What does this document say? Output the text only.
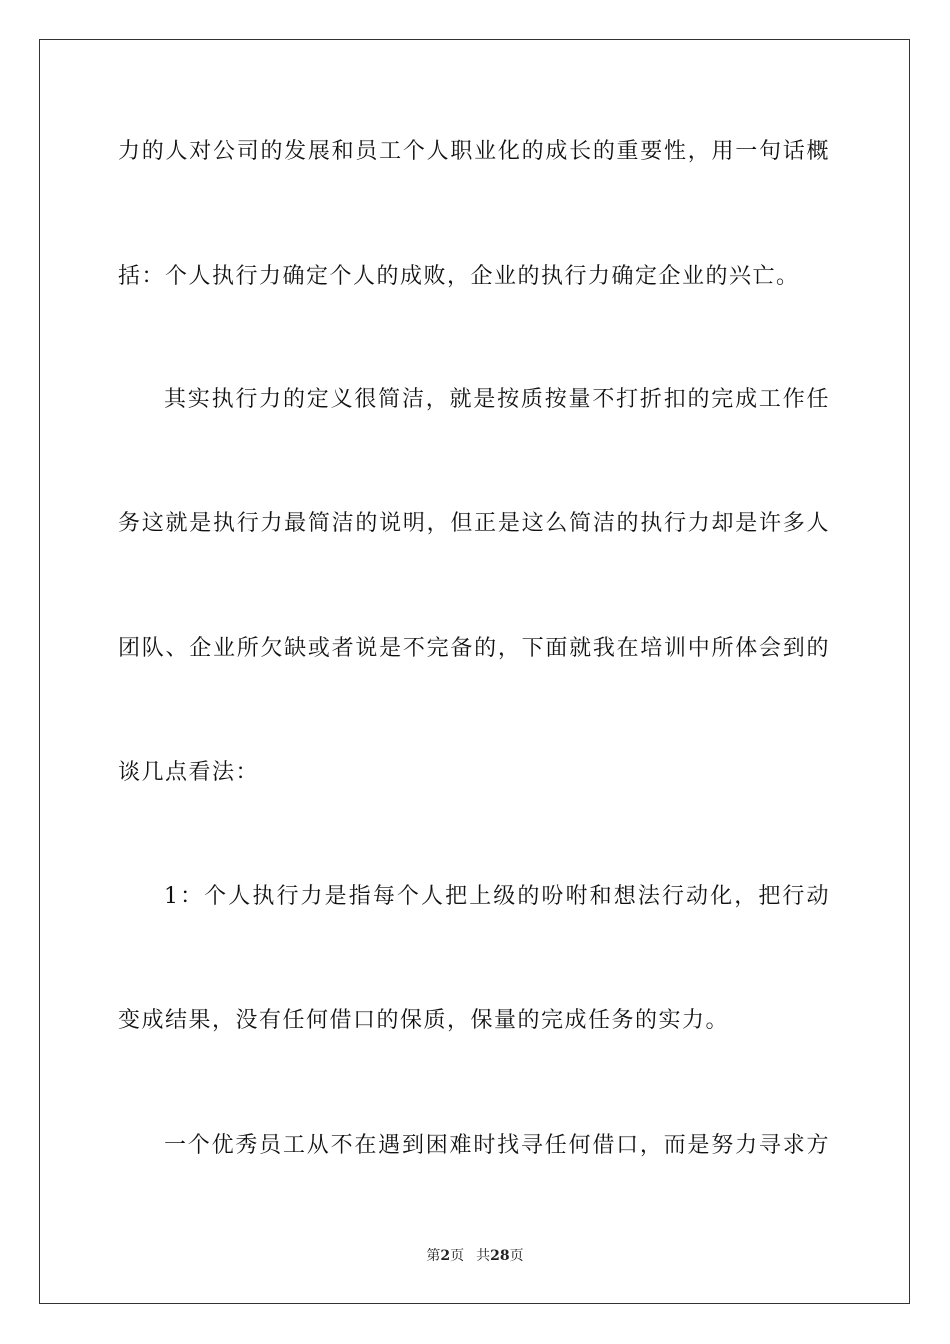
力的人对公司的发展和员工个人职业化的成长的重要性，用一句话概
括：个人执行力确定个人的成败，企业的执行力确定企业的兴亡。
其实执行力的定义很简洁，就是按质按量不打折扣的完成工作任
务这就是执行力最简洁的说明，但正是这么简洁的执行力却是许多人
团队、企业所欠缺或者说是不完备的，下面就我在培训中所体会到的
谈几点看法：
1：个人执行力是指每个人把上级的吩咐和想法行动化，把行动
变成结果，没有任何借口的保质，保量的完成任务的实力。
一个优秀员工从不在遇到困难时找寻任何借口，而是努力寻求方
第2页 共28页
